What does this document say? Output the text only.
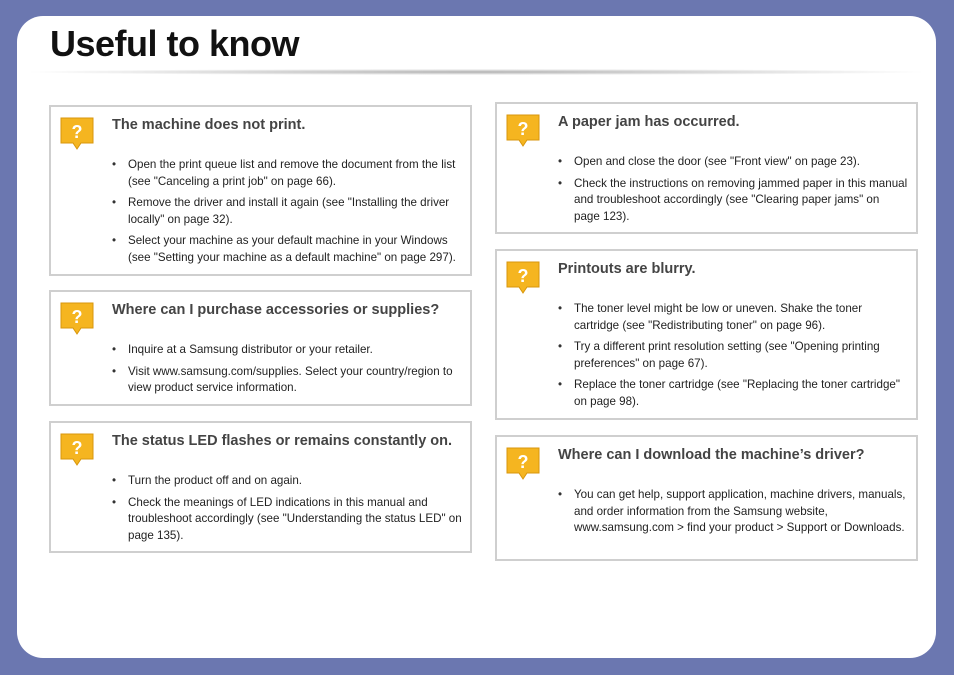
Useful to know
? The machine does not print.

• Open the print queue list and remove the document from the list (see "Canceling a print job" on page 66).
• Remove the driver and install it again (see "Installing the driver locally" on page 32).
• Select your machine as your default machine in your Windows (see "Setting your machine as a default machine" on page 297).
? Where can I purchase accessories or supplies?

• Inquire at a Samsung distributor or your retailer.
• Visit www.samsung.com/supplies. Select your country/region to view product service information.
? The status LED flashes or remains constantly on.

• Turn the product off and on again.
• Check the meanings of LED indications in this manual and troubleshoot accordingly (see "Understanding the status LED" on page 135).
? A paper jam has occurred.

• Open and close the door (see "Front view" on page 23).
• Check the instructions on removing jammed paper in this manual and troubleshoot accordingly (see "Clearing paper jams" on page 123).
? Printouts are blurry.

• The toner level might be low or uneven. Shake the toner cartridge (see "Redistributing toner" on page 96).
• Try a different print resolution setting (see "Opening printing preferences" on page 67).
• Replace the toner cartridge (see "Replacing the toner cartridge" on page 98).
? Where can I download the machine’s driver?

• You can get help, support application, machine drivers, manuals, and order information from the Samsung website, www.samsung.com > find your product > Support or Downloads.
